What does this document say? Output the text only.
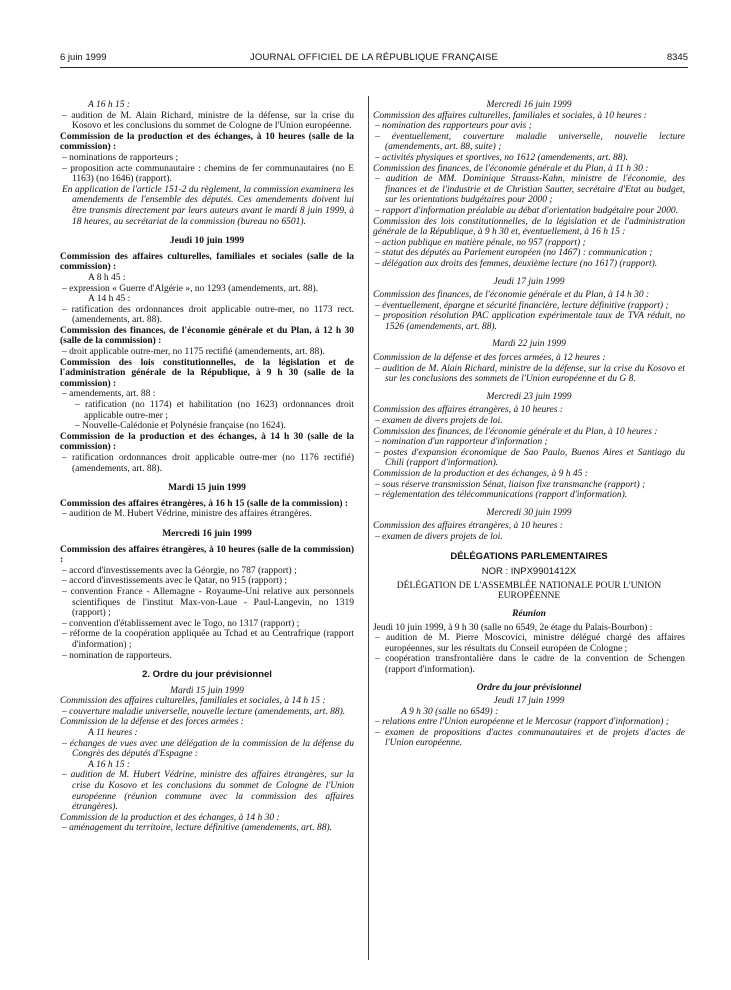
6 juin 1999	JOURNAL OFFICIEL DE LA RÉPUBLIQUE FRANÇAISE	8345

A 16 h 15 :

– audition de M. Alain Richard, ministre de la défense, sur la crise du Kosovo et les conclusions du sommet de Cologne de l'Union européenne.

Commission de la production et des échanges, à 10 heures (salle de la commission) :

– nominations de rapporteurs ;

– proposition acte communautaire : chemins de fer communautaires (no E 1163) (no 1646) (rapport).

En application de l'article 151-2 du règlement, la commission examinera les amendements de l'ensemble des députés. Ces amendements doivent lui être transmis directement par leurs auteurs avant le mardi 8 juin 1999, à 18 heures, au secrétariat de la commission (bureau no 6501).

Jeudi 10 juin 1999

Commission des affaires culturelles, familiales et sociales (salle de la commission) :

A 8 h 45 :

– expression « Guerre d'Algérie », no 1293 (amendements, art. 88).

A 14 h 45 :

– ratification des ordonnances droit applicable outre-mer, no 1173 rect. (amendements, art. 88).

Commission des finances, de l'économie générale et du Plan, à 12 h 30 (salle de la commission) :

– droit applicable outre-mer, no 1175 rectifié (amendements, art. 88).

Commission des lois constitutionnelles, de la législation et de l'administration générale de la République, à 9 h 30 (salle de la commission) :

– amendements, art. 88 :

– ratification (no 1174) et habilitation (no 1623) ordonnances droit applicable outre-mer ;

– Nouvelle-Calédonie et Polynésie française (no 1624).

Commission de la production et des échanges, à 14 h 30 (salle de la commission) :

– ratification ordonnances droit applicable outre-mer (no 1176 rectifié) (amendements, art. 88).

Mardi 15 juin 1999

Commission des affaires étrangères, à 16 h 15 (salle de la commission) :

– audition de M. Hubert Védrine, ministre des affaires étrangères.

Mercredi 16 juin 1999

Commission des affaires étrangères, à 10 heures (salle de la commission) :

– accord d'investissements avec la Géorgie, no 787 (rapport) ;

– accord d'investissements avec le Qatar, no 915 (rapport) ;

– convention France - Allemagne - Royaume-Uni relative aux personnels scientifiques de l'institut Max-von-Laue - Paul-Langevin, no 1319 (rapport) ;

– convention d'établissement avec le Togo, no 1317 (rapport) ;

– réforme de la coopération appliquée au Tchad et au Centrafrique (rapport d'information) ;

– nomination de rapporteurs.

2. Ordre du jour prévisionnel

Mardi 15 juin 1999

Commission des affaires culturelles, familiales et sociales, à 14 h 15 :

– couverture maladie universelle, nouvelle lecture (amendements, art. 88).

Commission de la défense et des forces armées :

A 11 heures :

– échanges de vues avec une délégation de la commission de la défense du Congrès des députés d'Espagne :

A 16 h 15 :

– audition de M. Hubert Védrine, ministre des affaires étrangères, sur la crise du Kosovo et les conclusions du sommet de Cologne de l'Union européenne (réunion commune avec la commission des affaires étrangères).

Commission de la production et des échanges, à 14 h 30 :

– aménagement du territoire, lecture définitive (amendements, art. 88).

Mercredi 16 juin 1999

Commission des affaires culturelles, familiales et sociales, à 10 heures :

– nomination des rapporteurs pour avis ;

– éventuellement, couverture maladie universelle, nouvelle lecture (amendements, art. 88, suite) ;

– activités physiques et sportives, no 1612 (amendements, art. 88).

Commission des finances, de l'économie générale et du Plan, à 11 h 30 :

– audition de MM. Dominique Strauss-Kahn, ministre de l'économie, des finances et de l'industrie et de Christian Sautter, secrétaire d'Etat au budget, sur les orientations budgétaires pour 2000 ;

– rapport d'information préalable au débat d'orientation budgétaire pour 2000.

Commission des lois constitutionnelles, de la législation et de l'administration générale de la République, à 9 h 30 et, éventuellement, à 16 h 15 :

– action publique en matière pénale, no 957 (rapport) ;

– statut des députés au Parlement européen (no 1467) : communication ;

– délégation aux droits des femmes, deuxième lecture (no 1617) (rapport).

Jeudi 17 juin 1999

Commission des finances, de l'économie générale et du Plan, à 14 h 30 :

– éventuellement, épargne et sécurité financière, lecture définitive (rapport) ;

– proposition résolution PAC application expérimentale taux de TVA réduit, no 1526 (amendements, art. 88).

Mardi 22 juin 1999

Commission de la défense et des forces armées, à 12 heures :

– audition de M. Alain Richard, ministre de la défense, sur la crise du Kosovo et sur les conclusions des sommets de l'Union européenne et du G 8.

Mercredi 23 juin 1999

Commission des affaires étrangères, à 10 heures :

– examen de divers projets de loi.

Commission des finances, de l'économie générale et du Plan, à 10 heures :

– nomination d'un rapporteur d'information ;

– postes d'expansion économique de Sao Paulo, Buenos Aires et Santiago du Chili (rapport d'information).

Commission de la production et des échanges, à 9 h 45 :

– sous réserve transmission Sénat, liaison fixe transmanche (rapport) ;

– réglementation des télécommunications (rapport d'information).

Mercredi 30 juin 1999

Commission des affaires étrangères, à 10 heures :

– examen de divers projets de loi.

DÉLÉGATIONS PARLEMENTAIRES

NOR : INPX9901412X

DÉLÉGATION DE L'ASSEMBLÉE NATIONALE POUR L'UNION EUROPÉENNE

Réunion

Jeudi 10 juin 1999, à 9 h 30 (salle no 6549, 2e étage du Palais-Bourbon) :

– audition de M. Pierre Moscovici, ministre délégué chargé des affaires européennes, sur les résultats du Conseil européen de Cologne ;

– coopération transfrontalière dans le cadre de la convention de Schengen (rapport d'information).

Ordre du jour prévisionnel

Jeudi 17 juin 1999

A 9 h 30 (salle no 6549) :

– relations entre l'Union européenne et le Mercosur (rapport d'information) ;

– examen de propositions d'actes communautaires et de projets d'actes de l'Union européenne.
